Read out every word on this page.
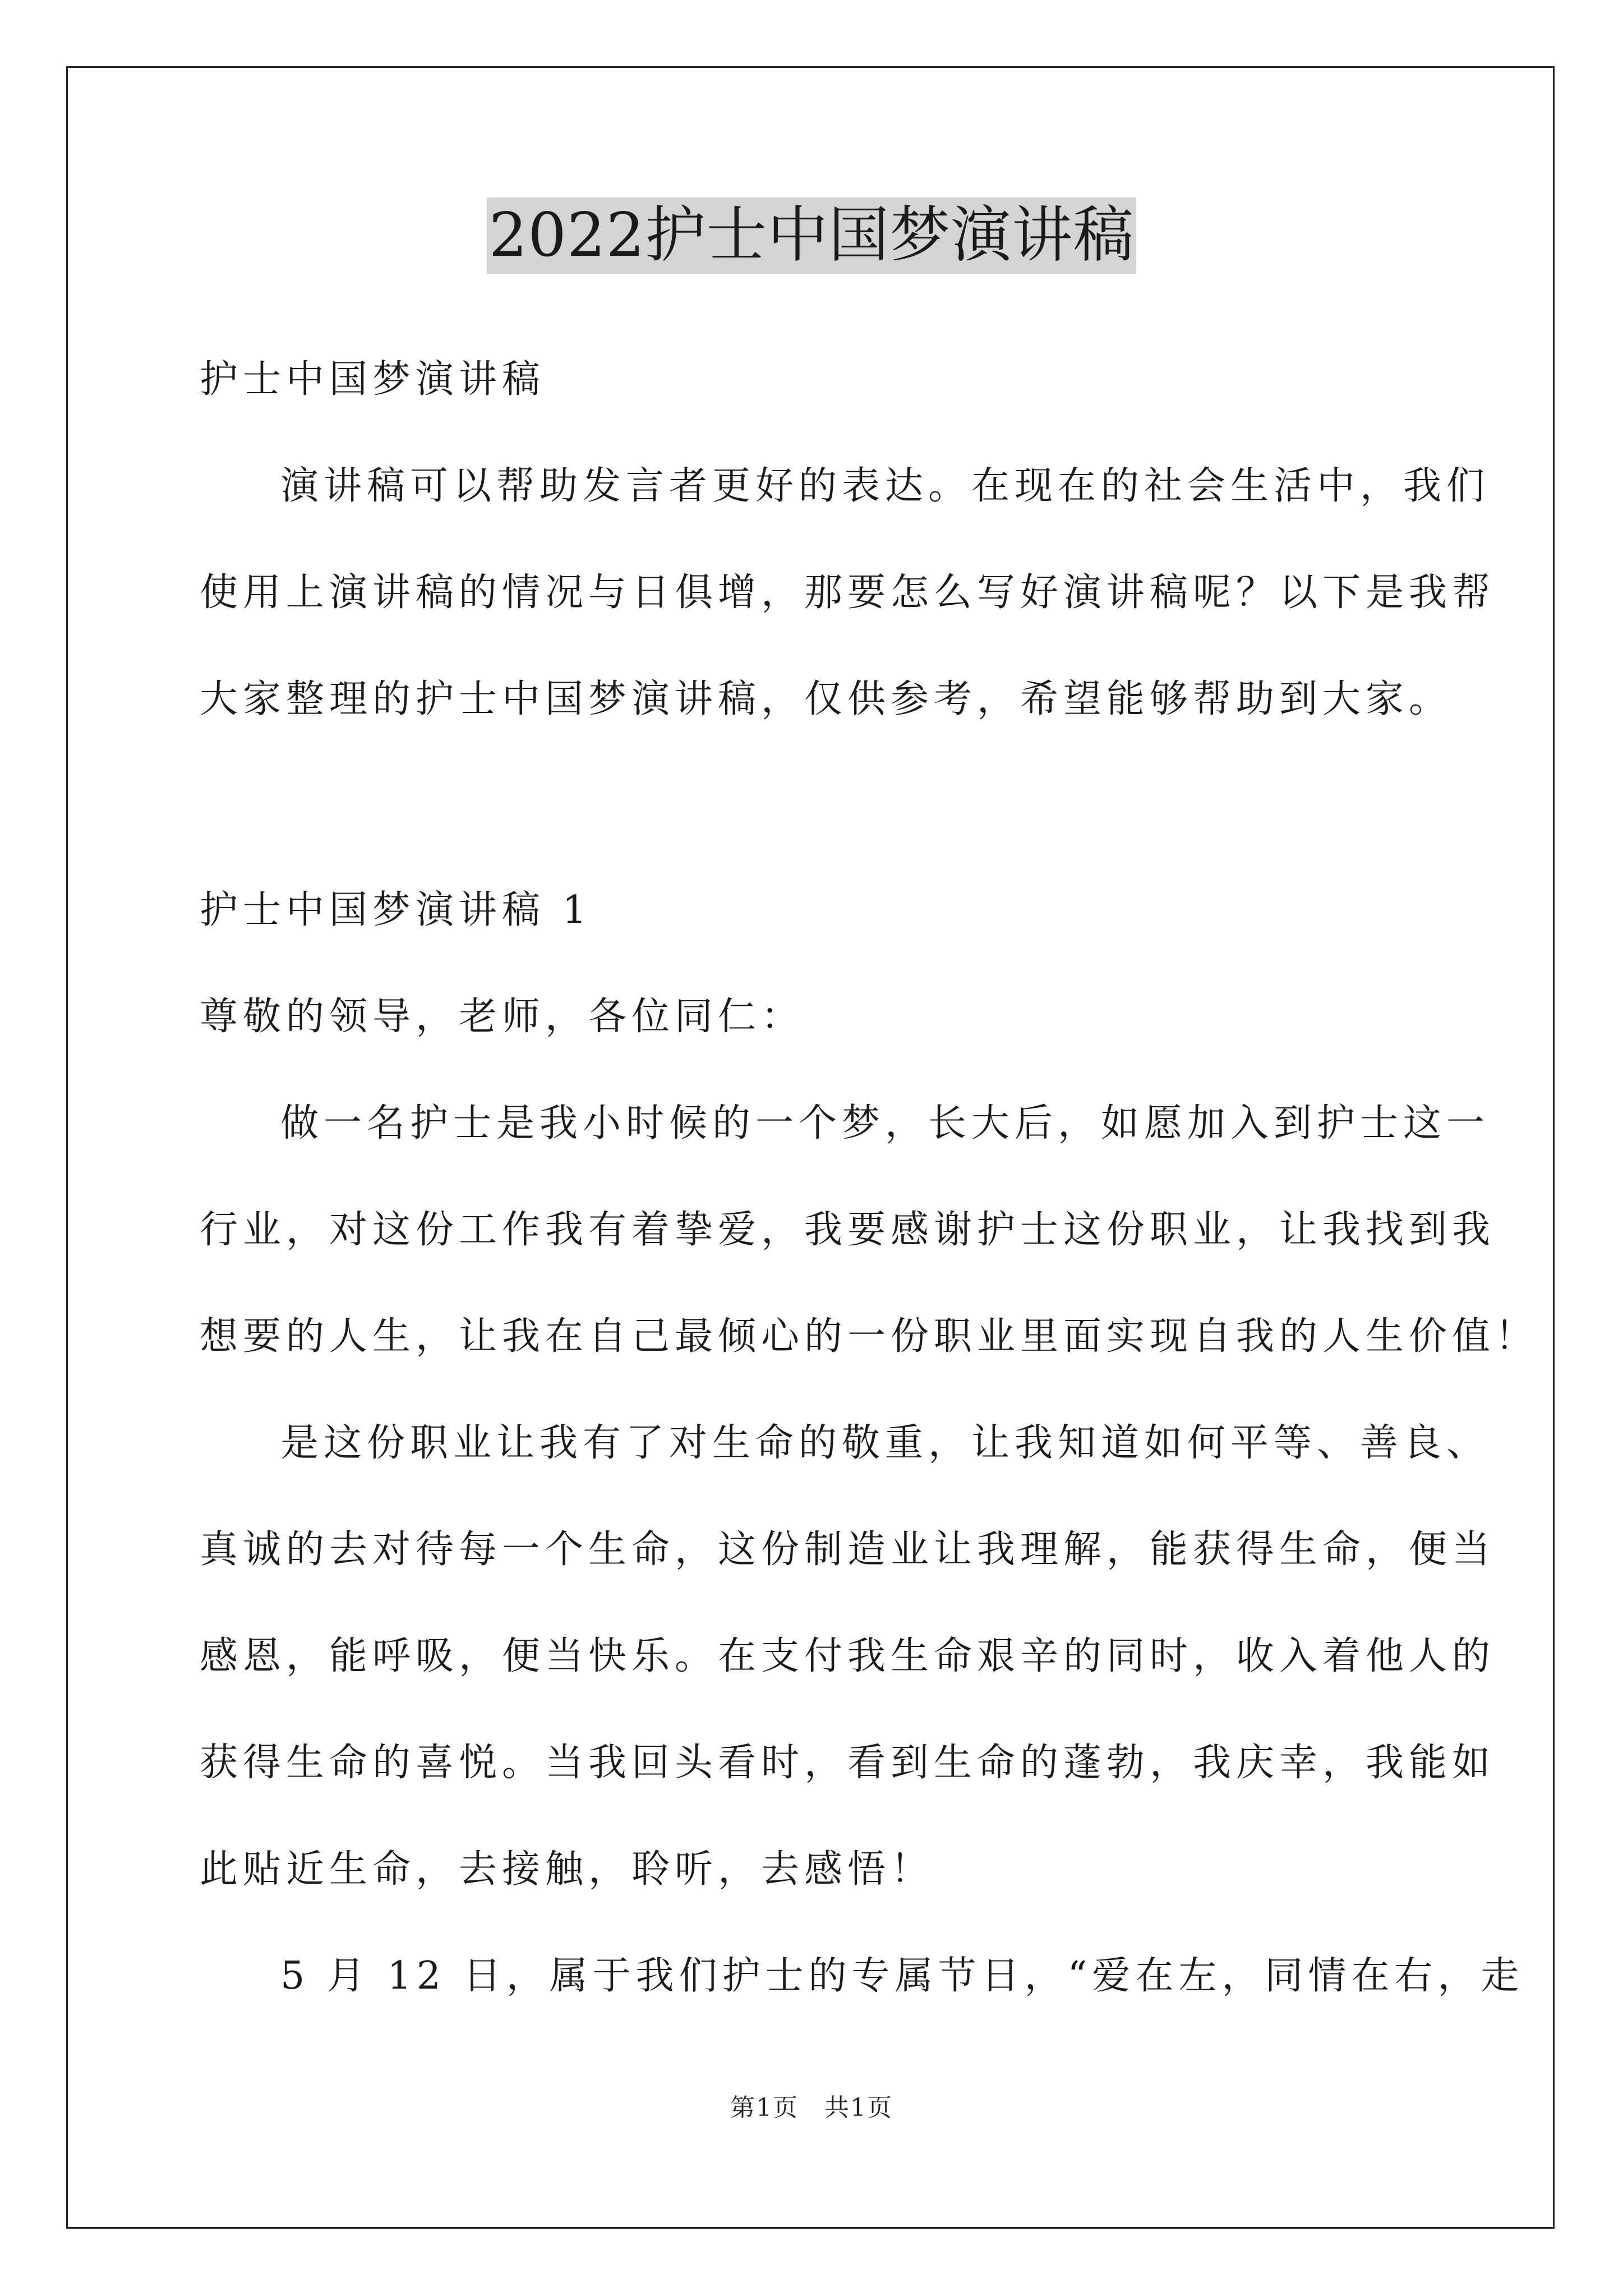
2022护士中国梦演讲稿
护士中国梦演讲稿
演讲稿可以帮助发言者更好的表达。在现在的社会生活中，我们
使用上演讲稿的情况与日俱增，那要怎么写好演讲稿呢？以下是我帮
大家整理的护士中国梦演讲稿，仅供参考，希望能够帮助到大家。
护士中国梦演讲稿 1
尊敬的领导，老师，各位同仁：
做一名护士是我小时候的一个梦，长大后，如愿加入到护士这一
行业，对这份工作我有着挚爱，我要感谢护士这份职业，让我找到我
想要的人生，让我在自己最倾心的一份职业里面实现自我的人生价值！
是这份职业让我有了对生命的敬重，让我知道如何平等、善良、
真诚的去对待每一个生命，这份制造业让我理解，能获得生命，便当
感恩，能呼吸，便当快乐。在支付我生命艰辛的同时，收入着他人的
获得生命的喜悦。当我回头看时，看到生命的蓬勃，我庆幸，我能如
此贴近生命，去接触，聆听，去感悟！
5 月 12 日，属于我们护士的专属节日，“爱在左，同情在右，走
第1页　共1页
